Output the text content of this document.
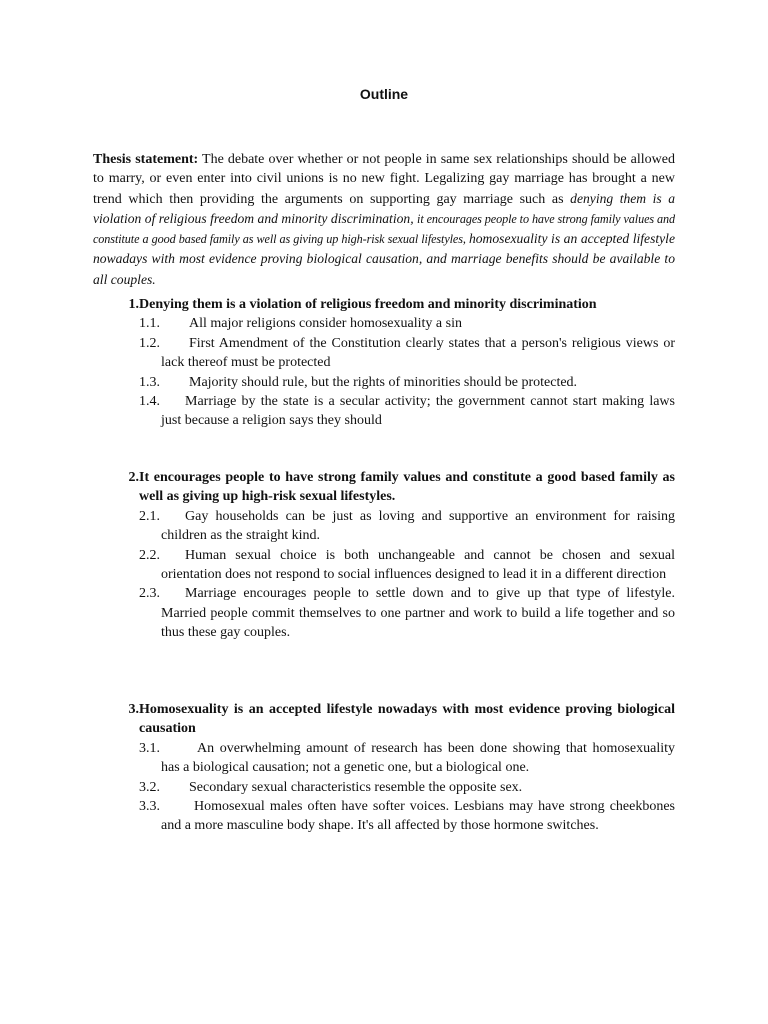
Outline
Thesis statement: The debate over whether or not people in same sex relationships should be allowed to marry, or even enter into civil unions is no new fight. Legalizing gay marriage has brought a new trend which then providing the arguments on supporting gay marriage such as denying them is a violation of religious freedom and minority discrimination, it encourages people to have strong family values and constitute a good based family as well as giving up high-risk sexual lifestyles, homosexuality is an accepted lifestyle nowadays with most evidence proving biological causation, and marriage benefits should be available to all couples.
1. Denying them is a violation of religious freedom and minority discrimination
1.1.	All major religions consider homosexuality a sin
1.2.	First Amendment of the Constitution clearly states that a person's religious views or lack thereof must be protected
1.3.	Majority should rule, but the rights of minorities should be protected.
1.4.	Marriage by the state is a secular activity; the government cannot start making laws just because a religion says they should
2. It encourages people to have strong family values and constitute a good based family as well as giving up high-risk sexual lifestyles.
2.1.	Gay households can be just as loving and supportive an environment for raising children as the straight kind.
2.2.	Human sexual choice is both unchangeable and cannot be chosen and sexual orientation does not respond to social influences designed to lead it in a different direction
2.3.	Marriage encourages people to settle down and to give up that type of lifestyle. Married people commit themselves to one partner and work to build a life together and so thus these gay couples.
3. Homosexuality is an accepted lifestyle nowadays with most evidence proving biological causation
3.1.	An overwhelming amount of research has been done showing that homosexuality has a biological causation; not a genetic one, but a biological one.
3.2.	Secondary sexual characteristics resemble the opposite sex.
3.3.	Homosexual males often have softer voices. Lesbians may have strong cheekbones and a more masculine body shape. It's all affected by those hormone switches.
